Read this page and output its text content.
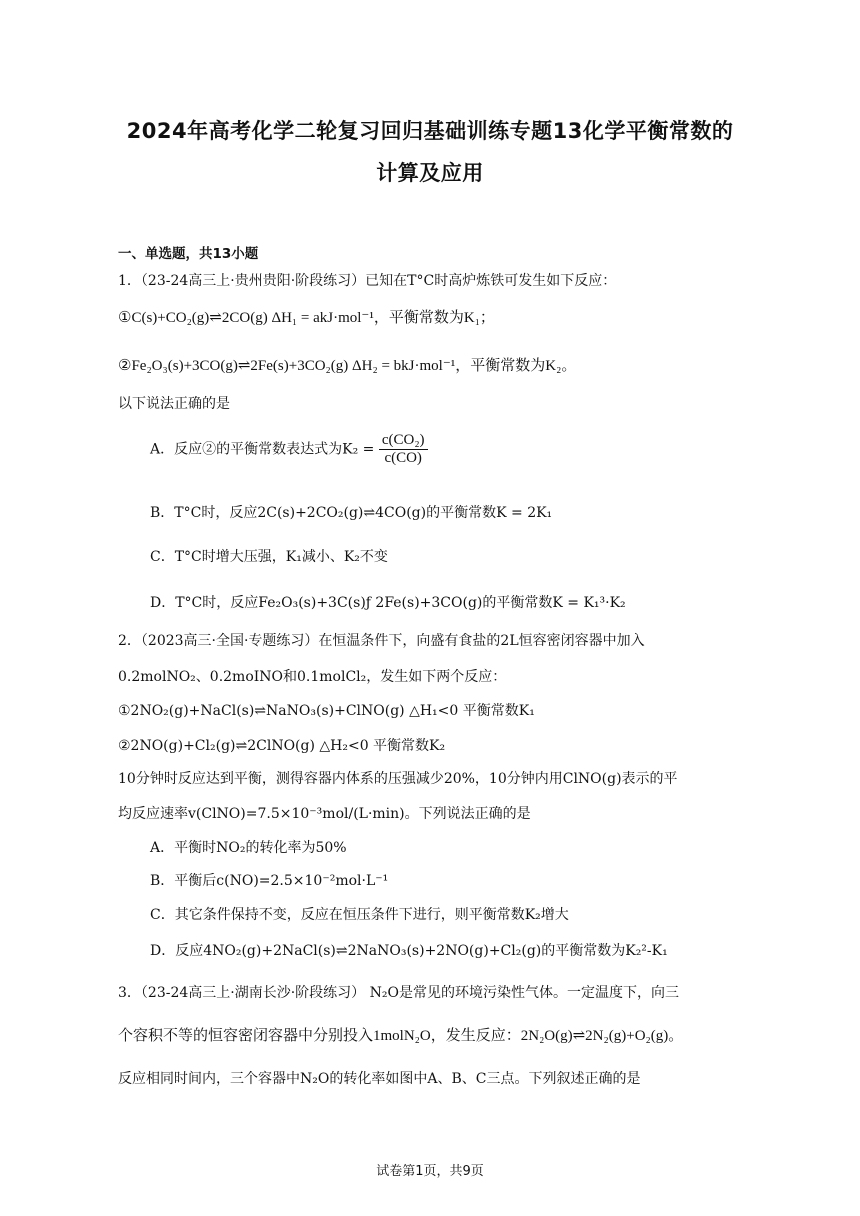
2024年高考化学二轮复习回归基础训练专题13化学平衡常数的
计算及应用
一、单选题，共13小题
1．（23-24高三上·贵州贵阳·阶段练习）已知在T°C时高炉炼铁可发生如下反应：
①C(s)+CO₂(g)⇌2CO(g) ΔH₁ = akJ·mol⁻¹，平衡常数为K₁；
②Fe₂O₃(s)+3CO(g)⇌2Fe(s)+3CO₂(g) ΔH₂ = bkJ·mol⁻¹，平衡常数为K₂。
以下说法正确的是
A．反应②的平衡常数表达式为$K_2 = \frac{\text{c(CO₂)}}{c(CO)}$
B．T°C时，反应2C(s)+2CO₂(g)⇌4CO(g)的平衡常数K = 2K₁
C．T°C时增大压强，K₁减小、K₂不变
D．T°C时，反应Fe₂O₃(s)+3C(s)ƒ 2Fe(s)+3CO(g)的平衡常数K = K₁³·K₂
2．（2023高三·全国·专题练习）在恒温条件下，向盛有食盐的2L恒容密闭容器中加入
0.2molNO₂、0.2moINO和0.1molCl₂，发生如下两个反应：
①2NO₂(g)+NaCl(s)⇌NaNO₃(s)+ClNO(g) △H₁<0 平衡常数K₁
②2NO(g)+Cl₂(g)⇌2ClNO(g) △H₂<0 平衡常数K₂
10分钟时反应达到平衡，测得容器内体系的压强减少20%，10分钟内用ClNO(g)表示的平
均反应速率v(ClNO)=7.5×10⁻³mol/(L·min)。下列说法正确的是
A．平衡时NO₂的转化率为50%
B．平衡后c(NO)=2.5×10⁻²mol·L⁻¹
C．其它条件保持不变，反应在恒压条件下进行，则平衡常数K₂增大
D．反应4NO₂(g)+2NaCl(s)⇌2NaNO₃(s)+2NO(g)+Cl₂(g)的平衡常数为K₂²-K₁
3．（23-24高三上·湖南长沙·阶段练习） N₂O是常见的环境污染性气体。一定温度下，向三
个容积不等的恒容密闭容器中分别投入1molN₂O，发生反应：2N₂O(g)⇌2N₂(g)+O₂(g)。
反应相同时间内，三个容器中N₂O的转化率如图中A、B、C三点。下列叙述正确的是
试卷第1页，共9页
